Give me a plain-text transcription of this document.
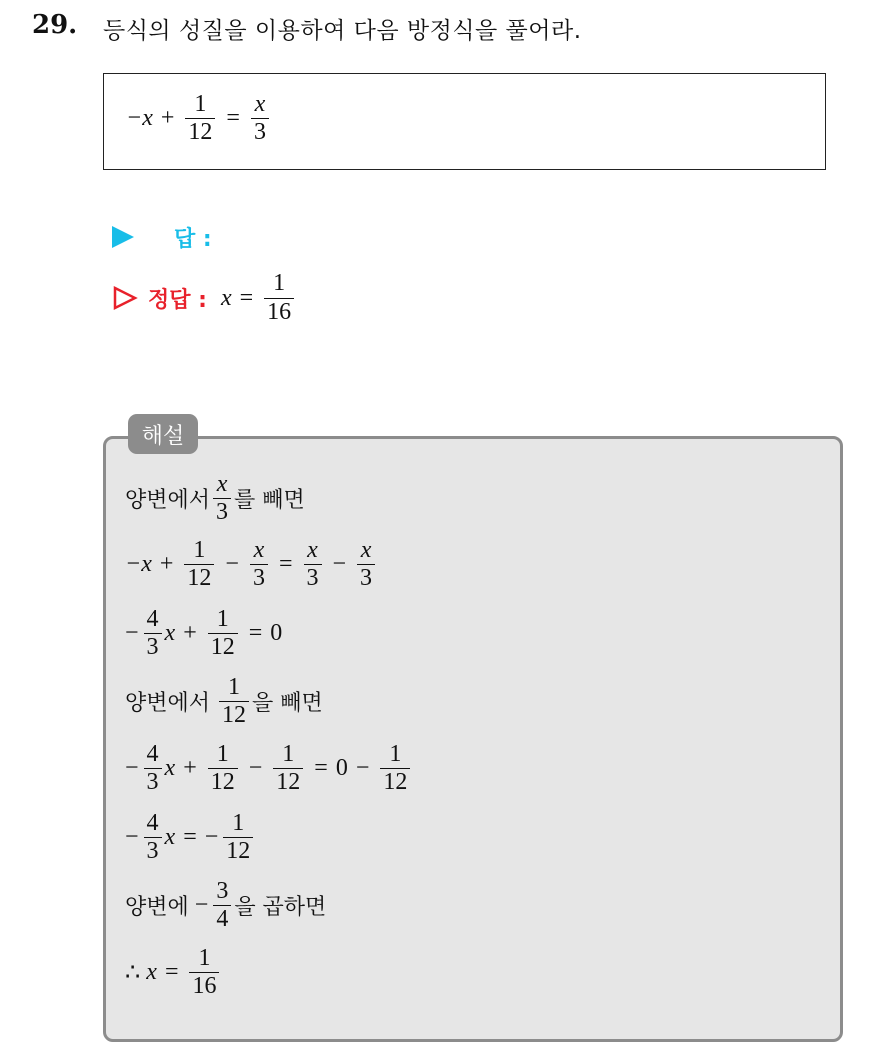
29. 등식의 성질을 이용하여 다음 방정식을 풀어라.
$-x + \frac{1}{12} = \frac{x}{3}$
답 :
정답 : $x = \frac{1}{16}$
해설
양변에서 $\frac{x}{3}$ 를 빼면
$-x + \frac{1}{12} - \frac{x}{3} = \frac{x}{3} - \frac{x}{3}$
− $\frac{4}{3}$ $x + \frac{1}{12} = 0$
양변에서 $\frac{1}{12}$ 을 빼면
− $\frac{4}{3}$ $x + \frac{1}{12} - \frac{1}{12} = 0 - \frac{1}{12}$
− $\frac{4}{3}$ x = − $\frac{1}{12}$
양변에 − $\frac{3}{4}$ 을 곱하면
∴ $x = \frac{1}{16}$
